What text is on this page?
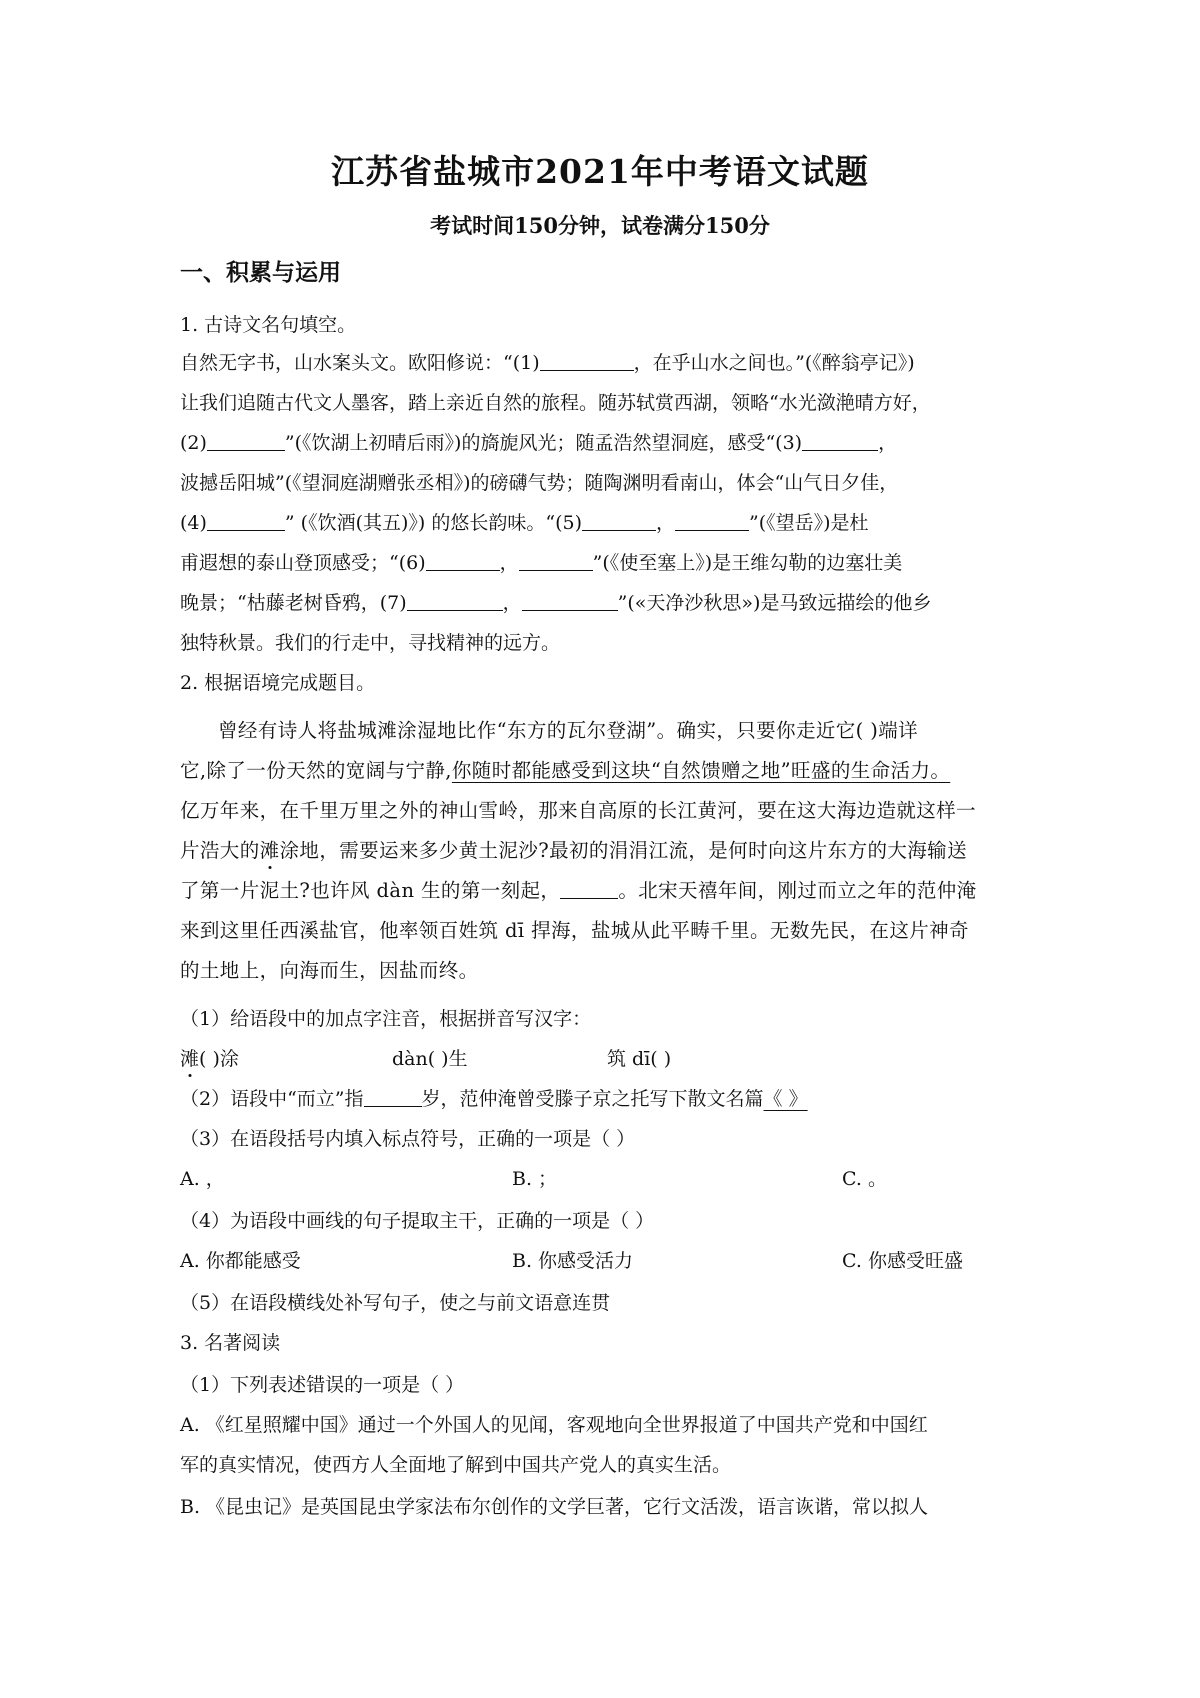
江苏省盐城市2021年中考语文试题
考试时间150分钟，试卷满分150分
一、积累与运用
1. 古诗文名句填空。
自然无字书，山水案头文。欧阳修说：“(1)	，在乎山水之间也。”(《醉翁亭记》)
让我们追随古代文人墨客，踏上亲近自然的旅程。随苏轼赏西湖，领略“水光潋滟晴方好，
(2)	”(《饮湖上初晴后雨》)的旖旎风光；随孟浩然望洞庭，感受“(3)	，
波撼岳阳城”(《望洞庭湖赠张丞相》)的磅礴气势；随陶渊明看南山，体会“山气日夕佳，
(4)	” (《饮酒(其五)》) 的悠长韵味。“(5)	，	”(《望岳》)是杜
甫遐想的泰山登顶感受；“(6)	，	”(《使至塞上》)是王维勾勒的边塞壮美
晚景；“枯藤老树昏鸦，(7)	，	”(«天净沙秋思»)是马致远描绘的他乡
独特秋景。我们的行走中，寻找精神的远方。
2. 根据语境完成题目。
曾经有诗人将盐城滩涂湿地比作“东方的瓦尔登湖”。确实，只要你走近它( )端详
它,除了一份天然的宽阔与宁静,你随时都能感受到这块“自然馈赠之地”旺盛的生命活力。
亿万年来，在千里万里之外的神山雪岭，那来自高原的长江黄河，要在这大海边造就这样一
片浩大的滩涂地，需要运来多少黄土泥沙?最初的涓涓江流，是何时向这片东方的大海输送
了第一片泥土?也许风 dàn 生的第一刻起，	。北宋天禧年间，刚过而立之年的范仲淹
来到这里任西溪盐官，他率领百姓筑 dī 捍海，盐城从此平畴千里。无数先民，在这片神奇
的土地上，向海而生，因盐而终。
（1）给语段中的加点字注音，根据拼音写汉字：
滩( )涂	dàn( )生	筑 dī( )
（2）语段中“而立”指	岁，范仲淹曾受滕子京之托写下散文名篇《 》
（3）在语段括号内填入标点符号，正确的一项是（ ）
A. ，	B. ；	C. 。
（4）为语段中画线的句子提取主干，正确的一项是（ ）
A. 你都能感受	B. 你感受活力	C. 你感受旺盛
（5）在语段横线处补写句子，使之与前文语意连贯
3. 名著阅读
（1）下列表述错误的一项是（ ）
A. 《红星照耀中国》通过一个外国人的见闻，客观地向全世界报道了中国共产党和中国红
军的真实情况，使西方人全面地了解到中国共产党人的真实生活。
B. 《昆虫记》是英国昆虫学家法布尔创作的文学巨著，它行文活泼，语言诙谐，常以拟人
